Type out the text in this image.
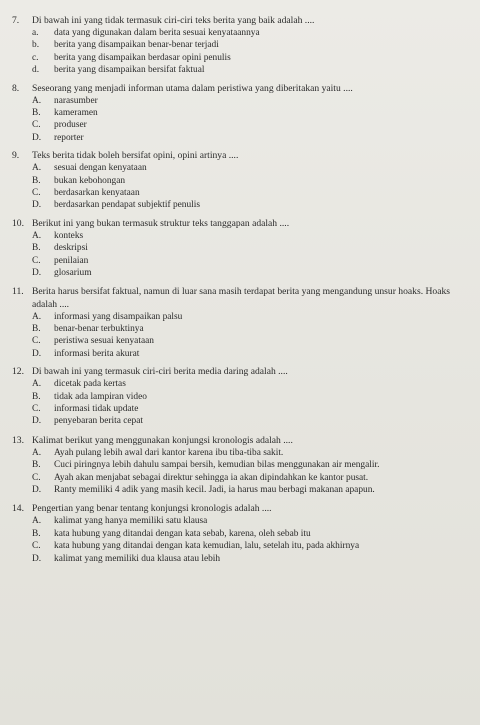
7.	Di bawah ini yang tidak termasuk ciri-ciri teks berita yang baik adalah ....
a.	data yang digunakan dalam berita sesuai kenyataannya
b.	berita yang disampaikan benar-benar terjadi
c.	berita yang disampaikan berdasar opini penulis
d.	berita yang disampaikan bersifat faktual
8.	Seseorang yang menjadi informan utama dalam peristiwa yang diberitakan yaitu ....
A.	narasumber
B.	kameramen
C.	produser
D.	reporter
9.	Teks berita tidak boleh bersifat opini, opini artinya ....
A.	sesuai dengan kenyataan
B.	bukan kebohongan
C.	berdasarkan kenyataan
D.	berdasarkan pendapat subjektif penulis
10. Berikut ini yang bukan termasuk struktur teks tanggapan adalah ....
A.	konteks
B.	deskripsi
C.	penilaian
D.	glosarium
11. Berita harus bersifat faktual, namun di luar sana masih terdapat berita yang mengandung unsur hoaks. Hoaks adalah ....
A.	informasi yang disampaikan palsu
B.	benar-benar terbuktinya
C.	peristiwa sesuai kenyataan
D.	informasi berita akurat
12. Di bawah ini yang termasuk ciri-ciri berita media daring adalah ....
A.	dicetak pada kertas
B.	tidak ada lampiran video
C.	informasi tidak update
D.	penyebaran berita cepat
13. Kalimat berikut yang menggunakan konjungsi kronologis adalah ....
A.	Ayah pulang lebih awal dari kantor karena ibu tiba-tiba sakit.
B.	Cuci piringnya lebih dahulu sampai bersih, kemudian bilas menggunakan air mengalir.
C.	Ayah akan menjabat sebagai direktur sehingga ia akan dipindahkan ke kantor pusat.
D.	Ranty memiliki 4 adik yang masih kecil. Jadi, ia harus mau berbagi makanan apapun.
14. Pengertian yang benar tentang konjungsi kronologis adalah ....
A.	kalimat yang hanya memiliki satu klausa
B.	kata hubung yang ditandai dengan kata sebab, karena, oleh sebab itu
C.	kata hubung yang ditandai dengan kata kemudian, lalu, setelah itu, pada akhirnya
D.	kalimat yang memiliki dua klausa atau lebih
